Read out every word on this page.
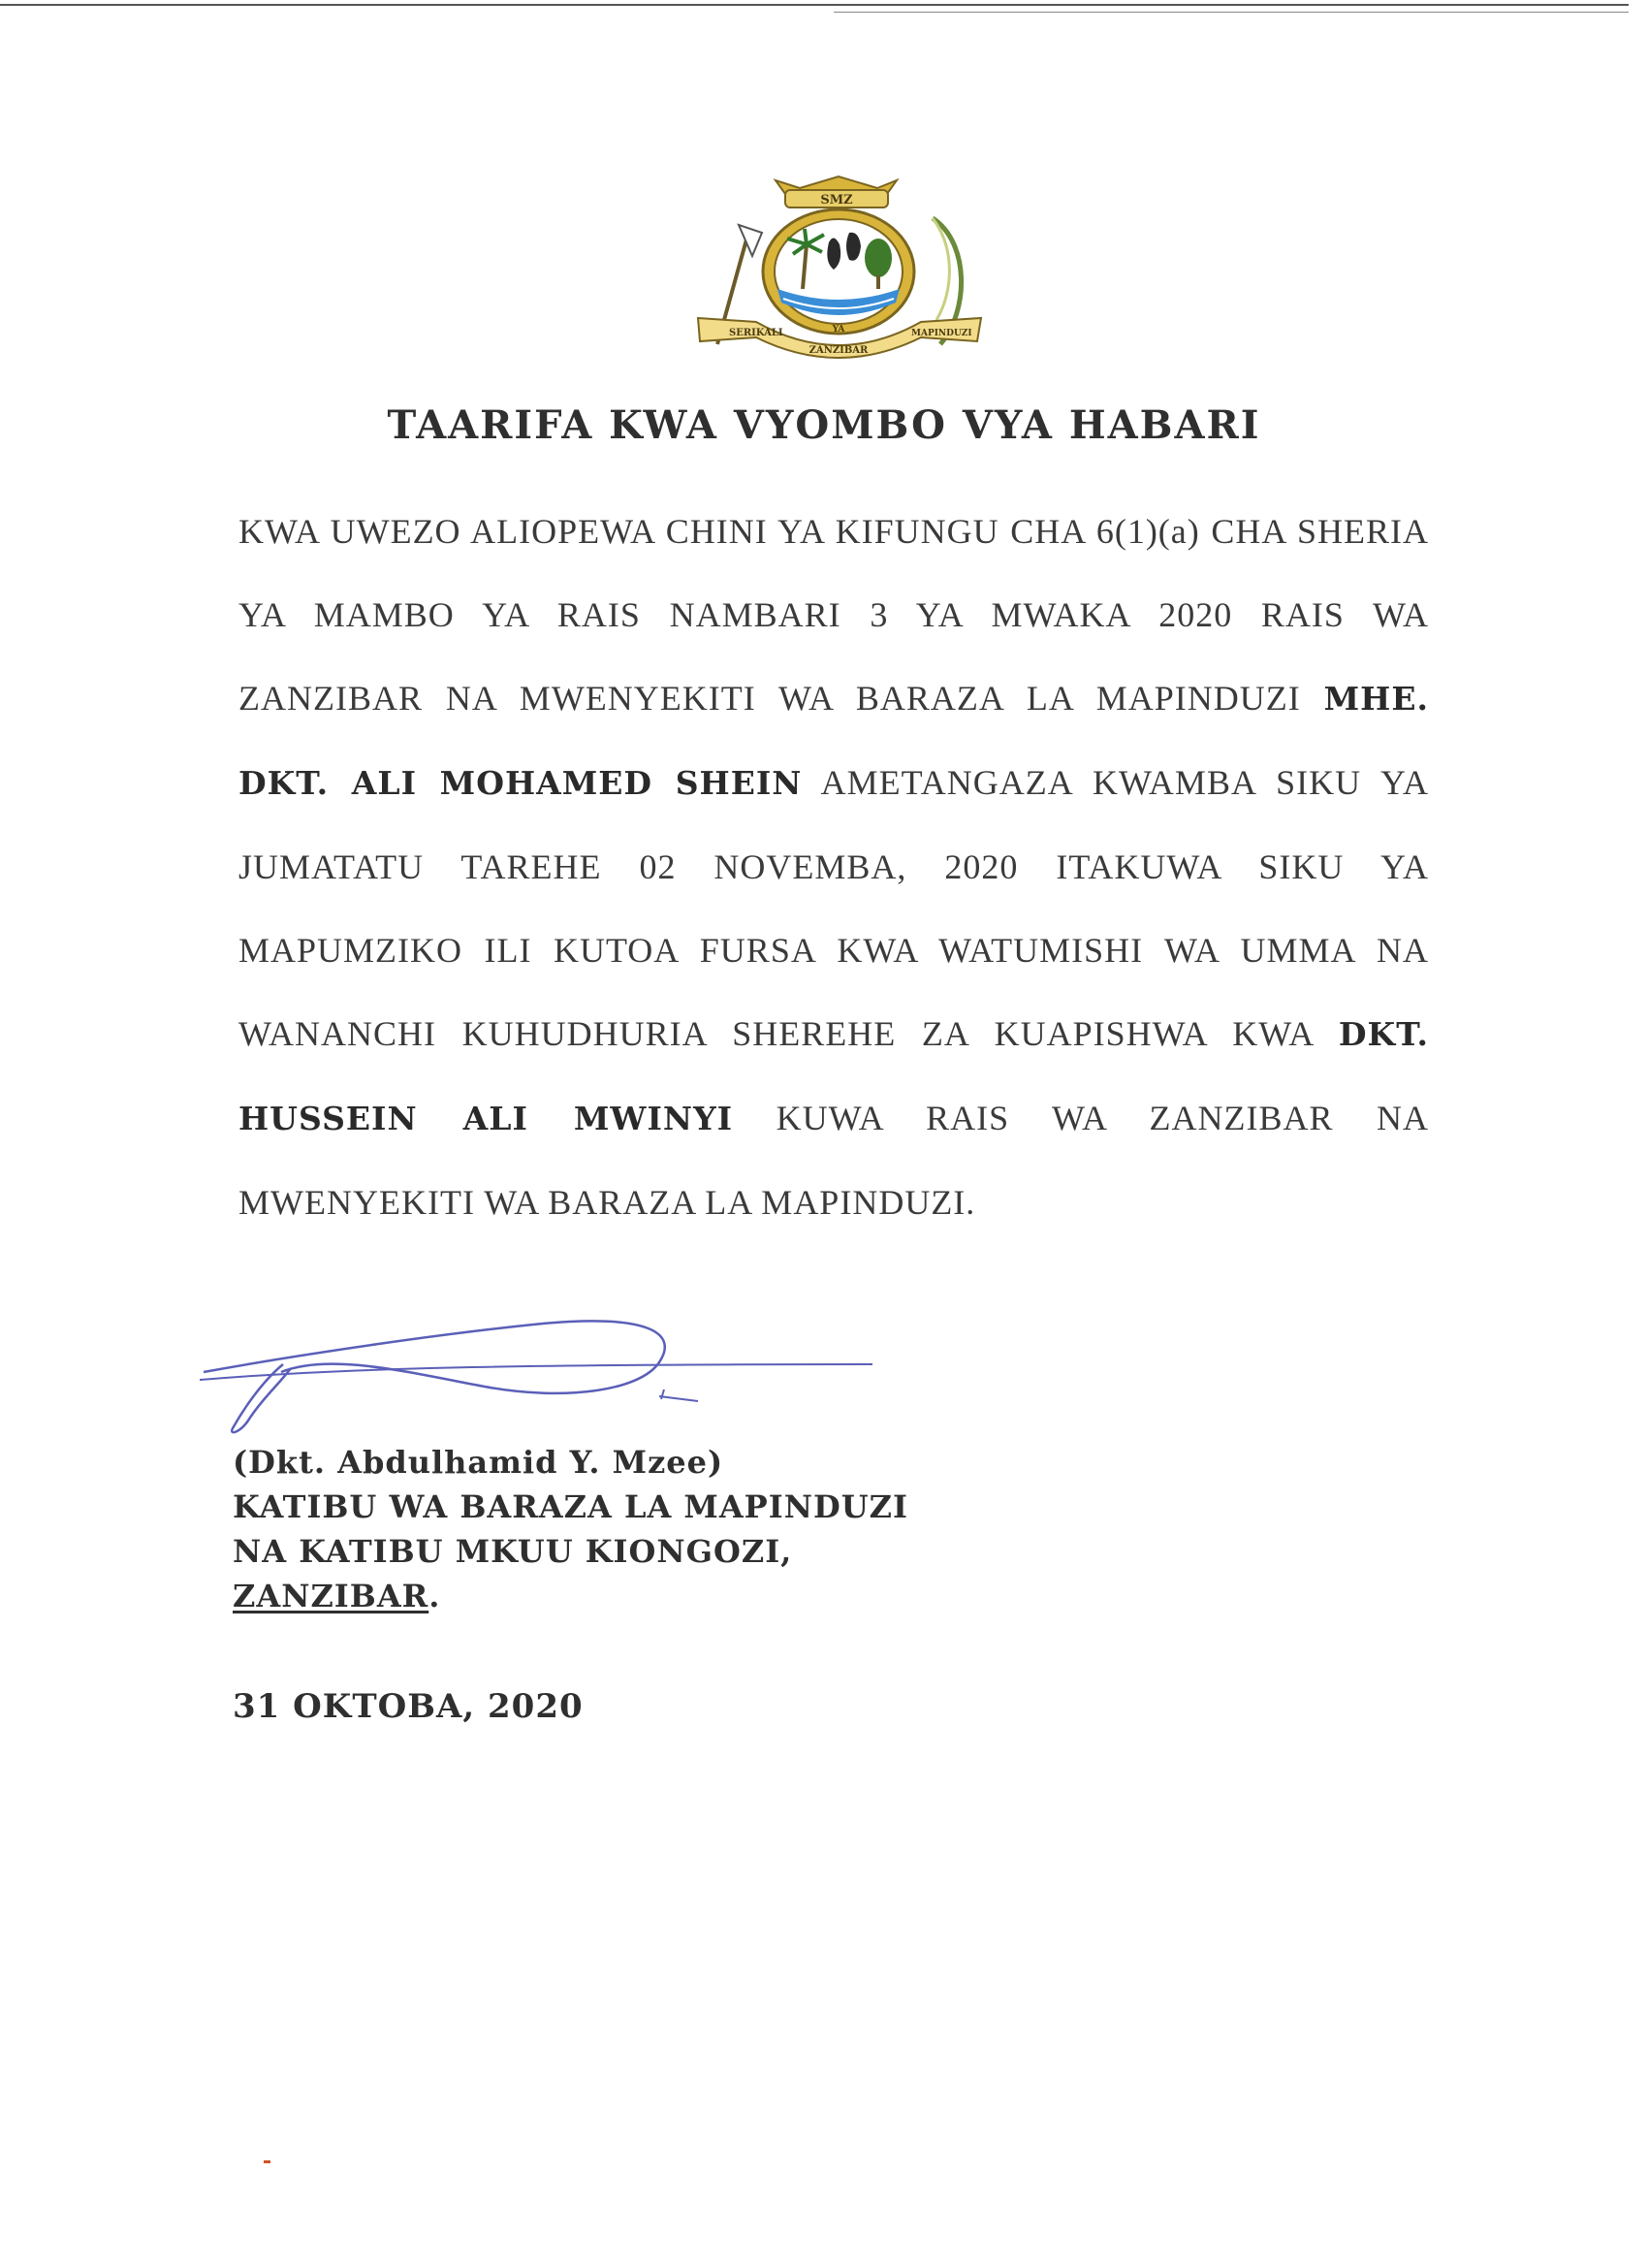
SMZ
SERIKALI	YA
ZANZIBAR
MAPINDUZI
TAARIFA KWA VYOMBO VYA HABARI
KWA UWEZO ALIOPEWA CHINI YA KIFUNGU CHA 6(1)(a) CHA SHERIA YA MAMBO YA RAIS NAMBARI 3 YA MWAKA 2020 RAIS WA ZANZIBAR NA MWENYEKITI WA BARAZA LA MAPINDUZI MHE. DKT. ALI MOHAMED SHEIN AMETANGAZA KWAMBA SIKU YA JUMATATU TAREHE 02 NOVEMBA, 2020 ITAKUWA SIKU YA MAPUMZIKO ILI KUTOA FURSA KWA WATUMISHI WA UMMA NA WANANCHI KUHUDHURIA SHEREHE ZA KUAPISHWA KWA DKT. HUSSEIN ALI MWINYI KUWA RAIS WA ZANZIBAR NA MWENYEKITI WA BARAZA LA MAPINDUZI.
(Dkt. Abdulhamid Y. Mzee)
KATIBU WA BARAZA LA MAPINDUZI
NA KATIBU MKUU KIONGOZI,
ZANZIBAR.
31 OKTOBA, 2020
